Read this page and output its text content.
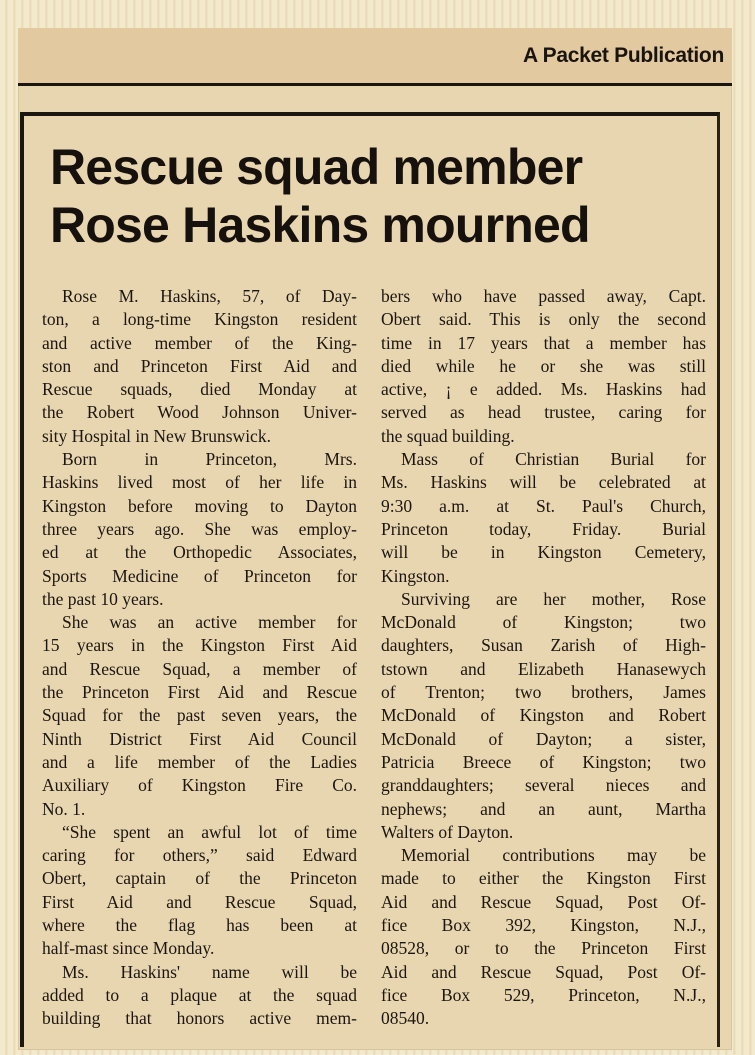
A Packet Publication
Rescue squad member
Rose Haskins mourned
Rose M. Haskins, 57, of Day-
ton, a long-time Kingston resident
and active member of the King-
ston and Princeton First Aid and
Rescue squads, died Monday at
the Robert Wood Johnson Univer-
sity Hospital in New Brunswick.
Born in Princeton, Mrs.
Haskins lived most of her life in
Kingston before moving to Dayton
three years ago. She was employ-
ed at the Orthopedic Associates,
Sports Medicine of Princeton for
the past 10 years.
She was an active member for
15 years in the Kingston First Aid
and Rescue Squad, a member of
the Princeton First Aid and Rescue
Squad for the past seven years, the
Ninth District First Aid Council
and a life member of the Ladies
Auxiliary of Kingston Fire Co.
No. 1.
“She spent an awful lot of time
caring for others,” said Edward
Obert, captain of the Princeton
First Aid and Rescue Squad,
where the flag has been at
half-mast since Monday.
Ms. Haskins' name will be
added to a plaque at the squad
building that honors active mem-
bers who have passed away, Capt.
Obert said. This is only the second
time in 17 years that a member has
died while he or she was still
active, ¡ e added. Ms. Haskins had
served as head trustee, caring for
the squad building.
Mass of Christian Burial for
Ms. Haskins will be celebrated at
9:30 a.m. at St. Paul's Church,
Princeton today, Friday. Burial
will be in Kingston Cemetery,
Kingston.
Surviving are her mother, Rose
McDonald of Kingston; two
daughters, Susan Zarish of High-
tstown and Elizabeth Hanasewych
of Trenton; two brothers, James
McDonald of Kingston and Robert
McDonald of Dayton; a sister,
Patricia Breece of Kingston; two
granddaughters; several nieces and
nephews; and an aunt, Martha
Walters of Dayton.
Memorial contributions may be
made to either the Kingston First
Aid and Rescue Squad, Post Of-
fice Box 392, Kingston, N.J.,
08528, or to the Princeton First
Aid and Rescue Squad, Post Of-
fice Box 529, Princeton, N.J.,
08540.
